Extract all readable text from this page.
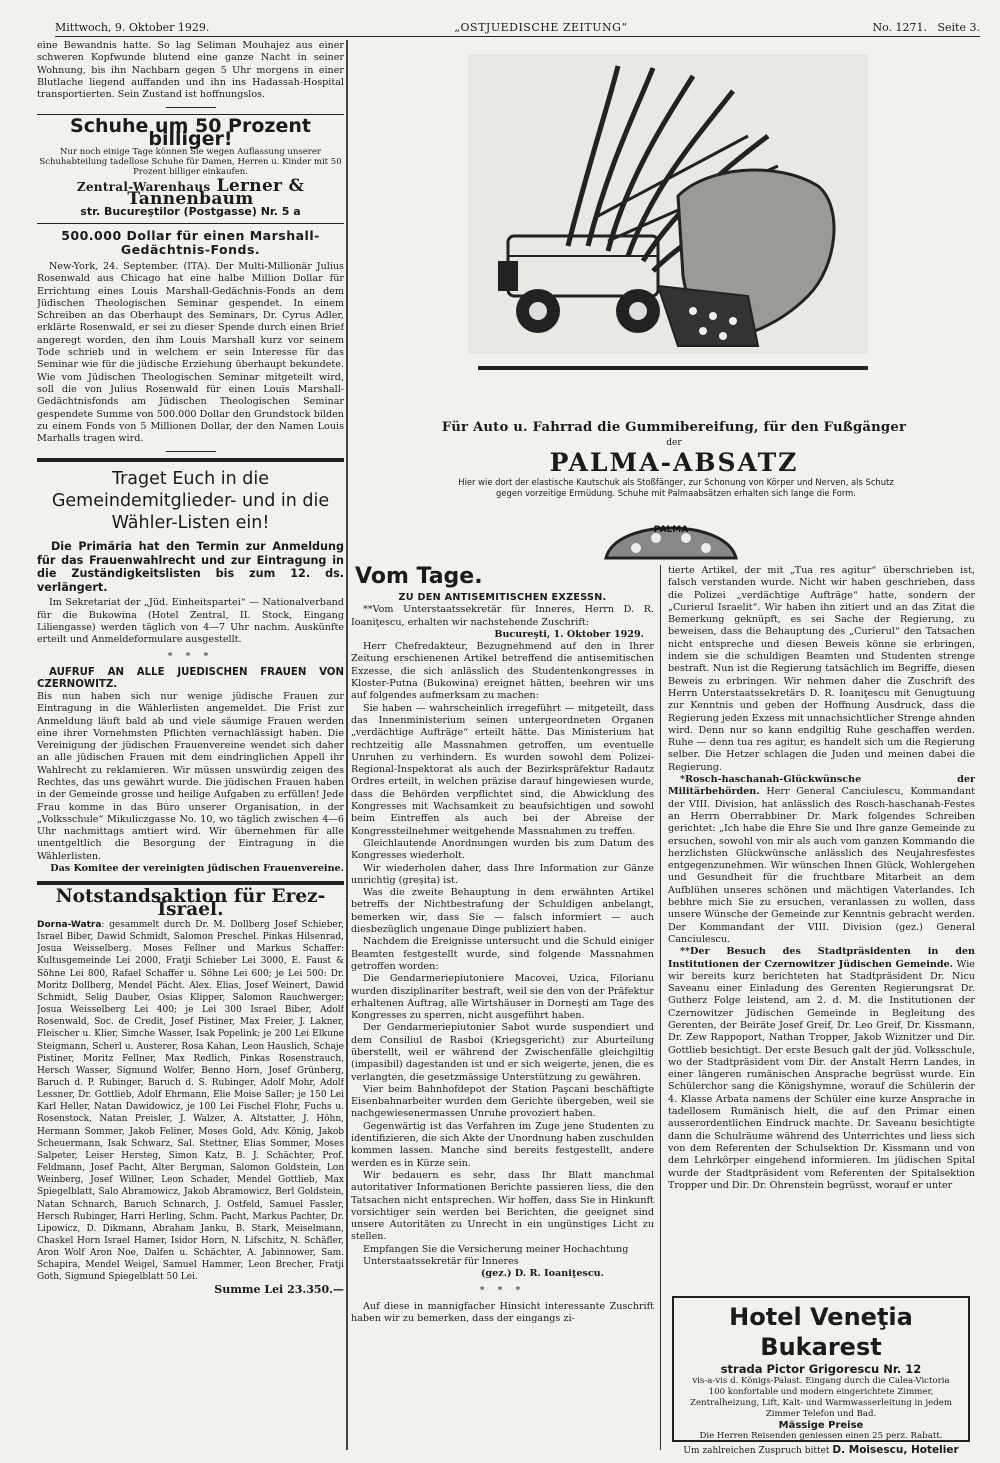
Mittwoch, 9. Oktober 1929.	„OSTJUEDISCHE ZEITUNG“	No. 1271. Seite 3.

eine Bewandnis hatte. So lag Seliman Mouhajez aus einer schweren Kopfwunde blutend eine ganze Nacht in seiner Wohnung, bis ihn Nachbarn gegen 5 Uhr morgens in einer Blutlache liegend auffanden und ihn ins Hadassah-Hospital transportierten. Sein Zustand ist hoffnungslos.

Schuhe um 50 Prozent billiger!
Nur noch einige Tage können Sie wegen Auflassung unserer Schuhabteilung tadellose Schuhe für Damen, Herren u. Kinder mit 50 Prozent billiger einkaufen.
Zentral-Warenhaus Lerner & Tannenbaum
str. Bucureştilor (Postgasse) Nr. 5 a
500.000 Dollar für einen Marshall-Gedächtnis-Fonds.

New-York, 24. September. (ITA). Der Multi-Millionär Julius Rosenwald aus Chicago hat eine halbe Million Dollar für Errichtung eines Louis Marshall-Gedächnis-Fonds an dem Jüdischen Theologischen Seminar gespendet. In einem Schreiben an das Oberhaupt des Seminars, Dr. Cyrus Adler, erklärte Rosenwald, er sei zu dieser Spende durch einen Brief angeregt worden, den ihm Louis Marshall kurz vor seinem Tode schrieb und in welchem er sein Interesse für das Seminar wie für die jüdische Erziehung überhaupt bekundete. Wie vom Jüdischen Theologischen Seminar mitgeteilt wird, soll die von Julius Rosenwald für einen Louis Marshall-Gedächtnisfonds am Jüdischen Theologischen Seminar gespendete Summe von 500.000 Dollar den Grundstock bilden zu einem Fonds von 5 Millionen Dollar, der den Namen Louis Marhalls tragen wird.

Traget Euch in die Gemeindemitglieder- und in die Wähler-Listen ein!
Die Primăria hat den Termin zur Anmeldung für das Frauenwahlrecht und zur Eintragung in die Zuständigkeitslisten bis zum 12. ds. verlängert.

Im Sekretariat der „Jüd. Einheitspartei“ — Nationalverband für die Bukowina (Hotel Zentral, II. Stock, Eingang Liliengasse) werden täglich von 4—7 Uhr nachm. Auskünfte erteilt und Anmeldeformulare ausgestellt.

* * *
AUFRUF AN ALLE JUEDISCHEN FRAUEN VON CZERNOWITZ.

Bis nun haben sich nur wenige jüdische Frauen zur Eintragung in die Wählerlisten angemeldet. Die Frist zur Anmeldung läuft bald ab und viele säumige Frauen werden eine ihrer Vornehmsten Pflichten vernachlässigt haben. Die Vereinigung der jüdischen Frauenvereine wendet sich daher an alle jüdischen Frauen mit dem eindringlichen Appell ihr Wahlrecht zu reklamieren. Wir müssen unswürdig zeigen des Rechtes, das uns gewährt wurde. Die jüdischen Frauen haben in der Gemeinde grosse und heilige Aufgaben zu erfüllen! Jede Frau komme in das Büro unserer Organisation, in der „Volksschule“ Mikuliczgasse No. 10, wo täglich zwischen 4—6 Uhr nachmittags amtiert wird. Wir übernehmen für alle unentgeltlich die Besorgung der Eintragung in die Wählerlisten.

Das Komitee der vereinigten jüdischen Frauenvereine.
Notstandsaktion für Erez-Israel.
Dorna-Watra: gesammelt durch Dr. M. Dollberg Josef Schieber, Israel Biber, Dawid Schmidt, Salomon Preschel. Pinkas Hilsenrad, Josua Weisselberg. Moses Fellner und Markus Schaffer: Kultusgemeinde Lei 2000, Fratji Schieber Lei 3000, E. Faust & Söhne Lei 800, Rafael Schaffer u. Söhne Lei 600; je Lei 500: Dr. Moritz Dollberg, Mendel Pächt. Alex. Elias, Josef Weinert, Dawid Schmidt, Selig Dauber, Osias Klipper, Salomon Rauchwerger; Josua Weisselberg Lei 400; je Lei 300 Israel Biber, Adolf Rosenwald, Soc. de Credit, Josef Pistiner, Max Freier, J. Lakner, Fleischer u. Klier, Simche Wasser, Isak Popelink; je 200 Lei Elkune Steigmann, Scherl u. Austerer, Rosa Kahan, Leon Hauslich, Schaje Pistiner, Moritz Fellner, Max Redlich, Pinkas Rosenstrauch, Hersch Wasser, Sigmund Wolfer, Benno Horn, Josef Grünberg, Baruch d. P. Rubinger, Baruch d. S. Rubinger, Adolf Mohr, Adolf Lessner, Dr. Gottlieb, Adolf Ehrmann, Elie Moise Saller; je 150 Lei Karl Heller, Natan Dawidowicz, je 100 Lei Fischel Flohr, Fuchs u. Rosenstock, Natan Preisler, J. Walzer, A. Altstatter, J. Höhn, Hermann Sommer, Jakob Feliner, Moses Gold, Adv. König, Jakob Scheuermann, Isak Schwarz, Sal. Stettner, Elias Sommer, Moses Salpeter, Leiser Hersteg, Simon Katz, B. J. Schächter, Prof. Feldmann, Josef Pacht, Alter Bergman, Salomon Goldstein, Lon Weinberg, Josef Willner, Leon Schader, Mendel Gottlieb, Max Spiegelblatt, Salo Abramowicz, Jakob Abramowicz, Berl Goldstein, Natan Schnarch, Baruch Schnarch, J. Ostfeld, Samuel Fassler, Hersch Rubinger, Harri Herling, Schm. Pacht, Markus Pachter, Dr. Lipowicz, D. Dikmann, Abraham Janku, B. Stark, Meiselmann, Chaskel Horn Israel Hamer, Isidor Horn, N. Lifschitz, N. Schäfler, Aron Wolf Aron Noe, Dalfen u. Schächter, A. Jabinnower, Sam. Schapira, Mendel Weigel, Samuel Hammer, Leon Brecher, Fratji Goth, Sigmund Spiegelblatt 50 Lei.
Summe Lei 23.350.—
Für Auto u. Fahrrad die Gummibereifung, für den Fußgänger
der
PALMA-ABSATZ
Hier wie dort der elastische Kautschuk als Stoßfänger, zur Schonung von Körper und Nerven, als Schutz gegen vorzeitige Ermüdung. Schuhe mit Palmaabsätzen erhalten sich lange die Form.
PALMA
Vom Tage.
ZU DEN ANTISEMITISCHEN EXZESSN.

**Vom Unterstaatssekretär für Inneres, Herrn D. R. Ioaniţescu, erhalten wir nachstehende Zuschrift:

Bucureşti, 1. Oktober 1929.

Herr Chefredakteur, Bezugnehmend auf den in Ihrer Zeitung erschienenen Artikel betreffend die antisemitischen Exzesse, die sich anlässlich des Studentenkongresses in Kloster-Putna (Bukowina) ereignet hätten, beehren wir uns auf folgendes aufmerksam zu machen:

Sie haben — wahrscheinlich irregeführt — mitgeteilt, dass das Innenministerium seinen untergeordneten Organen „verdächtige Aufträge“ erteilt hätte. Das Ministerium hat rechtzeitig alle Massnahmen getroffen, um eventuelle Unruhen zu verhindern. Es wurden sowohl dem Polizei-Regional-Inspektorat als auch der Bezirkspräfektur Radautz Ordres erteilt, in welchen präzise darauf hingewiesen wurde, dass die Behörden verpflichtet sind, die Abwicklung des Kongresses mit Wachsamkeit zu beaufsichtigen und sowohl beim Eintreffen als auch bei der Abreise der Kongressteilnehmer weitgehende Massnahmen zu treffen.

Gleichlautende Anordnungen wurden bis zum Datum des Kongresses wiederholt.

Wir wiederholen daher, dass Ihre Information zur Gänze unrichtig (greşita) ist.

Was die zweite Behauptung in dem erwähnten Artikel betreffs der Nichtbestrafung der Schuldigen anbelangt, bemerken wir, dass Sie — falsch informiert — auch diesbezüglich ungenaue Dinge publiziert haben.

Nachdem die Ereignisse untersucht und die Schuld einiger Beamten festgestellt wurde, sind folgende Massnahmen getroffen worden:

Die Gendarmeriepiutoniere Macovei, Uzica, Filorianu wurden disziplinariter bestraft, weil sie den von der Präfektur erhaltenen Auftrag, alle Wirtshäuser in Dorneşti am Tage des Kongresses zu sperren, nicht ausgeführt haben.

Der Gendarmeriepiutonier Sabot wurde suspendiert und dem Consiliul de Rasboi (Kriegsgericht) zur Aburteilung überstellt, weil er während der Zwischenfälle gleichgiltig (impasibil) dagestanden ist und er sich weigerte, jenen, die es verlangten, die gesetzmässige Unterstützung zu gewähren.

Vier beim Bahnhofdepot der Station Paşcani beschäftigte Eisenbahnarbeiter wurden dem Gerichte übergeben, weil sie nachgewiesenermassen Unruhe provoziert haben.

Gegenwärtig ist das Verfahren im Zuge jene Studenten zu identifizieren, die sich Akte der Unordnung haben zuschulden kommen lassen. Manche sind bereits festgestellt, andere werden es in Kürze sein.

Wir bedauern es sehr, dass Ihr Blatt manchmal autoritativer Informationen Berichte passieren liess, die den Tatsachen nicht entsprechen. Wir hoffen, dass Sie in Hinkunft vorsichtiger sein werden bei Berichten, die geeignet sind unsere Autoritäten zu Unrecht in ein ungünstiges Licht zu stellen.

Empfangen Sie die Versicherung meiner Hochachtung

Unterstaatssekretär für Inneres

(gez.) D. R. Ioaniţescu.
* * *

Auf diese in mannigfacher Hinsicht interessante Zuschrift haben wir zu bemerken, dass der eingangs zi-

tierte Artikel, der mit „Tua res agitur“ überschrieben ist, falsch verstanden wurde. Nicht wir haben geschrieben, dass die Polizei „verdächtige Aufträge“ hatte, sondern der „Curierul Israelit“. Wir haben ihn zitiert und an das Zitat die Bemerkung geknüpft, es sei Sache der Regierung, zu beweisen, dass die Behauptung des „Curierul“ den Tatsachen nicht entspreche und diesen Beweis könne sie erbringen, indem sie die schuldigen Beamten und Studenten strenge bestraft. Nun ist die Regierung tatsächlich im Begriffe, diesen Beweis zu erbringen. Wir nehmen daher die Zuschrift des Herrn Unterstaatssekretärs D. R. Ioaniţescu mit Genugtuung zur Kenntnis und geben der Hoffnung Ausdruck, dass die Regierung jeden Exzess mit unnachsichtlicher Strenge ahnden wird. Denn nur so kann endgiltig Ruhe geschaffen werden. Ruhe — denn tua res agitur, es handelt sich um die Regierung selber. Die Hetzer schlagen die Juden und meinen dabei die Regierung.

*Rosch-haschanah-Glückwünsche der Militärbehörden. Herr General Canciulescu, Kommandant der VIII. Division, hat anlässlich des Rosch-haschanah-Festes an Herrn Oberrabbiner Dr. Mark folgendes Schreiben gerichtet: „Ich habe die Ehre Sie und Ihre ganze Gemeinde zu ersuchen, sowohl von mir als auch vom ganzen Kommando die herzlichsten Glückwünsche anlässlich des Neujahresfestes entgegenzunehmen. Wir wünschen Ihnen Glück, Wohlergehen und Gesundheit für die fruchtbare Mitarbeit an dem Aufblühen unseres schönen und mächtigen Vaterlandes. Ich bebhre mich Sie zu ersuchen, veranlassen zu wollen, dass unsere Wünsche der Gemeinde zur Kenntnis gebracht werden. Der Kommandant der VIII. Division (gez.) General Canciulescu.

**Der Besuch des Stadtpräsidenten in den Institutionen der Czernowitzer Jüdischen Gemeinde. Wie wir bereits kurz berichteten hat Stadtpräsident Dr. Nicu Saveanu einer Einladung des Gerenten Regierungsrat Dr. Gutherz Folge leistend, am 2. d. M. die Institutionen der Czernowitzer Jüdischen Gemeinde in Begleitung des Gerenten, der Beiräte Josef Greif, Dr. Leo Greif, Dr. Kissmann, Dr. Zew Rappoport, Nathan Tropper, Jakob Wiznitzer und Dir. Gottlieb besichtigt. Der erste Besuch galt der jüd. Volksschule, wo der Stadtpräsident vom Dir. der Anstalt Herrn Landes, in einer längeren rumänischen Ansprache begrüsst wurde. Ein Schülerchor sang die Königshymne, worauf die Schülerin der 4. Klasse Arbata namens der Schüler eine kurze Ansprache in tadellosem Rumänisch hielt, die auf den Primar einen ausserordentlichen Eindruck machte. Dr. Saveanu besichtigte dann die Schulräume während des Unterrichtes und liess sich von dem Referenten der Schulsektion Dr. Kissmann und von dem Lehrkörper eingehend informieren. Im jüdischen Spital wurde der Stadtpräsident vom Referenten der Spitalsektion Tropper und Dir. Dr. Ohrenstein begrüsst, worauf er unter

Hotel Veneţia Bukarest
strada Pictor Grigorescu Nr. 12
vis-a-vis d. Königs-Palast. Eingang durch die Calea-Victoria
100 konfortable und modern eingerichtete Zimmer, Zentralheizung, Lift, Kalt- und Warmwasserleitung in jedem Zimmer Telefon und Bad.
Mässige Preise
Die Herren Reisenden geniessen einen 25 perz. Rabatt.
Um zahlreichen Zuspruch bittet D. Moisescu, Hotelier
